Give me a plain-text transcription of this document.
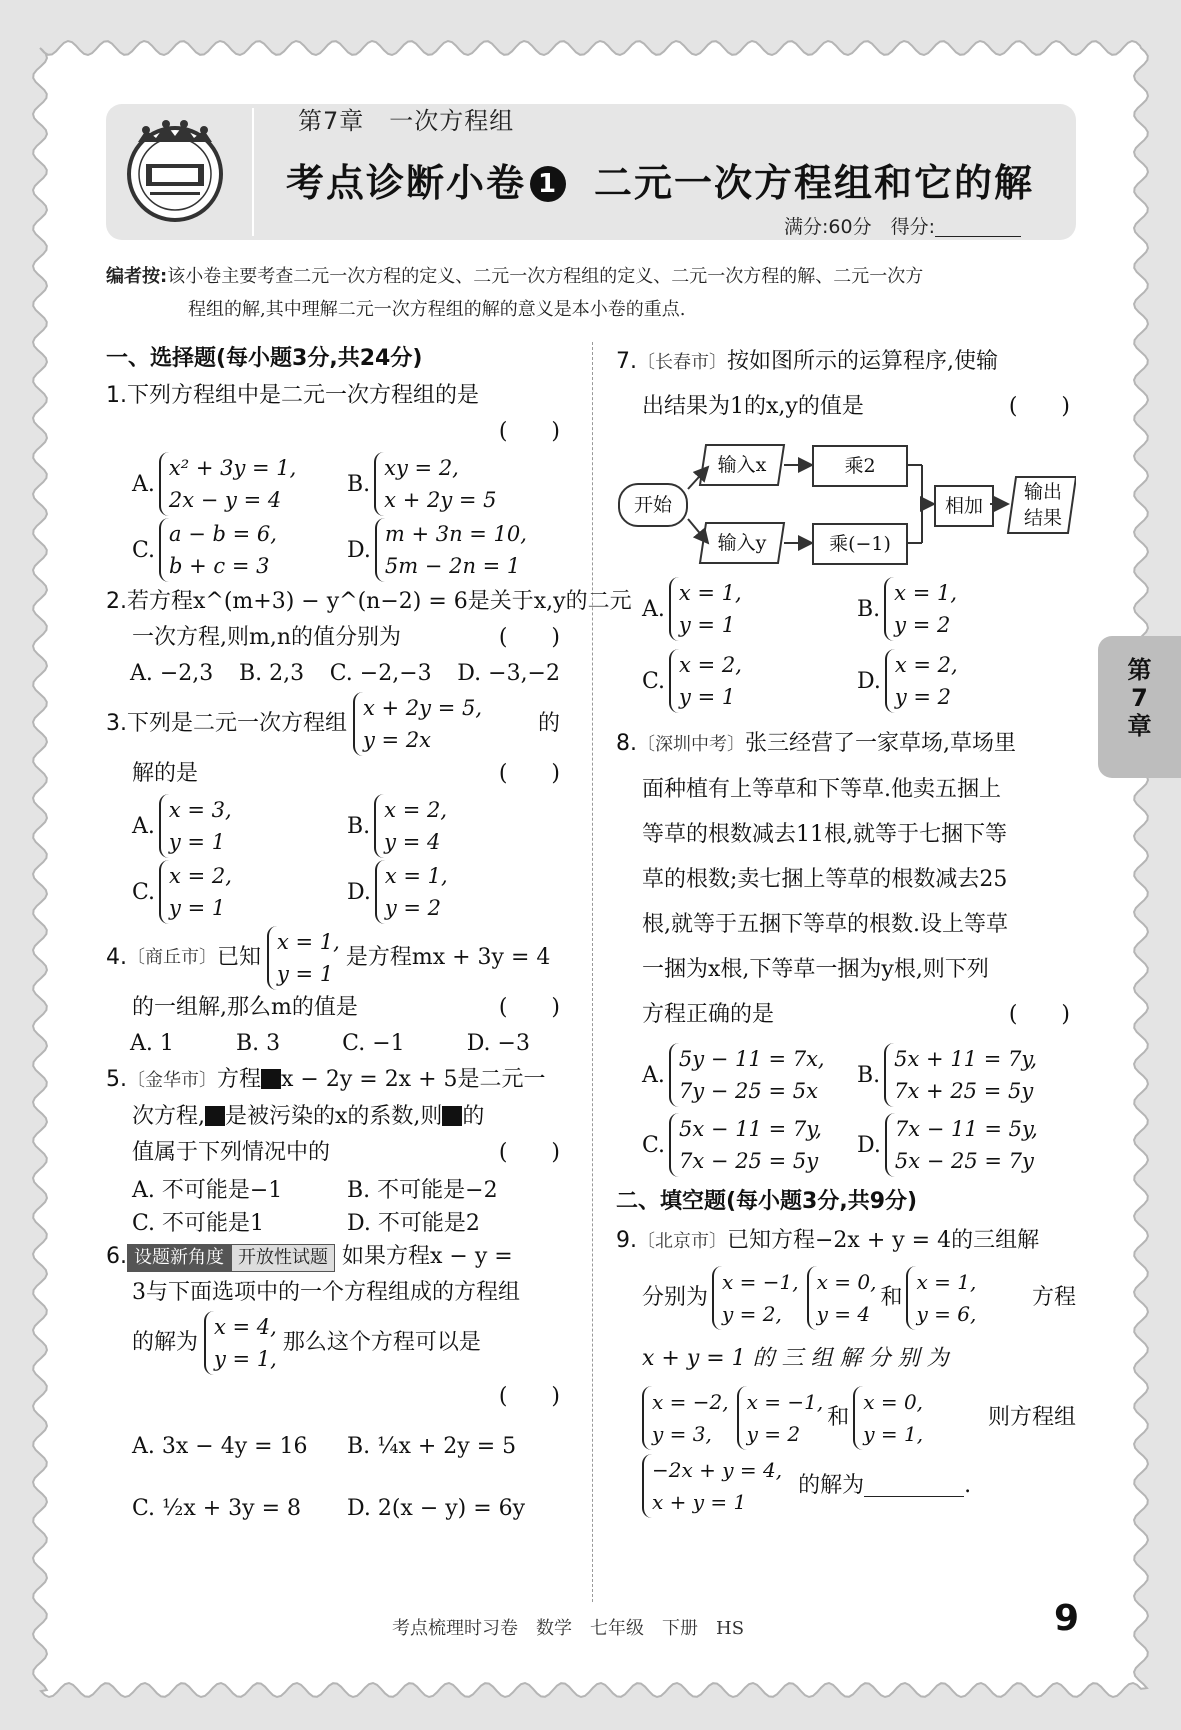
第7章　一次方程组
考点诊断小卷 1 二元一次方程组和它的解
满分:60分　得分:
编者按:该小卷主要考查二元一次方程的定义、二元一次方程组的定义、二元一次方程的解、二元一次方
程组的解,其中理解二元一次方程组的解的意义是本小卷的重点.
一、选择题(每小题3分,共24分)
1.下列方程组中是二元一次方程组的是
(　　)
A.
x² + 3y = 1,
2x − y = 4
B.
xy = 2,
x + 2y = 5
C.
a − b = 6,
b + c = 3
D.
m + 3n = 10,
5m − 2n = 1
2.若方程x^(m+3) − y^(n−2) = 6是关于x,y的二元
一次方程,则m,n的值分别为	(　　)
A. −2,3 B. 2,3 C. −2,−3 D. −3,−2
3. 下列是二元一次方程组
x + 2y = 5,
y = 2x
的
解的是	(　　)
A.
x = 3,
y = 1
B.
x = 2,
y = 4
C.
x = 2,
y = 1
D.
x = 1,
y = 2
4. 〔商丘市〕 已知
x = 1,
y = 1
是方程mx + 3y = 4
的一组解,那么m的值是	(　　)
A. 1	B. 3	C. −1	D. −3
5.〔金华市〕方程 x − 2y = 2x + 5是二元一
次方程, 是被污染的x的系数,则 的
值属于下列情况中的	(　　)
A. 不可能是−1	B. 不可能是−2
C. 不可能是1	D. 不可能是2
6. 设题新角度 开放性试题 如果方程x − y =
3与下面选项中的一个方程组成的方程组
的解为
x = 4,
y = 1,
那么这个方程可以是
(　　)
A. 3x − 4y = 16	B. ¼x + 2y = 5
C. ½x + 3y = 8	D. 2(x − y) = 6y
7.〔长春市〕按如图所示的运算程序,使输
出结果为1的x,y的值是	(　　)
开始
输入x	乘2
输入y	乘(−1)
相加
输出
结果
A.
x = 1,
y = 1
B.
x = 1,
y = 2
C.
x = 2,
y = 1
D.
x = 2,
y = 2
8.〔深圳中考〕张三经营了一家草场,草场里
面种植有上等草和下等草.他卖五捆上
等草的根数减去11根,就等于七捆下等
草的根数;卖七捆上等草的根数减去25
根,就等于五捆下等草的根数.设上等草
一捆为x根,下等草一捆为y根,则下列
方程正确的是	(　　)
A.
5y − 11 = 7x,
7y − 25 = 5x
B.
5x + 11 = 7y,
7x + 25 = 5y
C.
5x − 11 = 7y,
7x − 25 = 5y
D.
7x − 11 = 5y,
5x − 25 = 7y
二、填空题(每小题3分,共9分)
9.〔北京市〕已知方程−2x + y = 4的三组解
分别为
x = −1,
y = 2,
x = 0,
y = 4
和
x = 1,
y = 6,
方程
x + y = 1 的 三 组 解 分 别 为
x = −2,
y = 3,
x = −1,
y = 2
和
x = 0,
y = 1,
则方程组
−2x + y = 4,
x + y = 1
的解为	.
第
7
章
考点梳理时习卷　数学　七年级　下册　HS	9
